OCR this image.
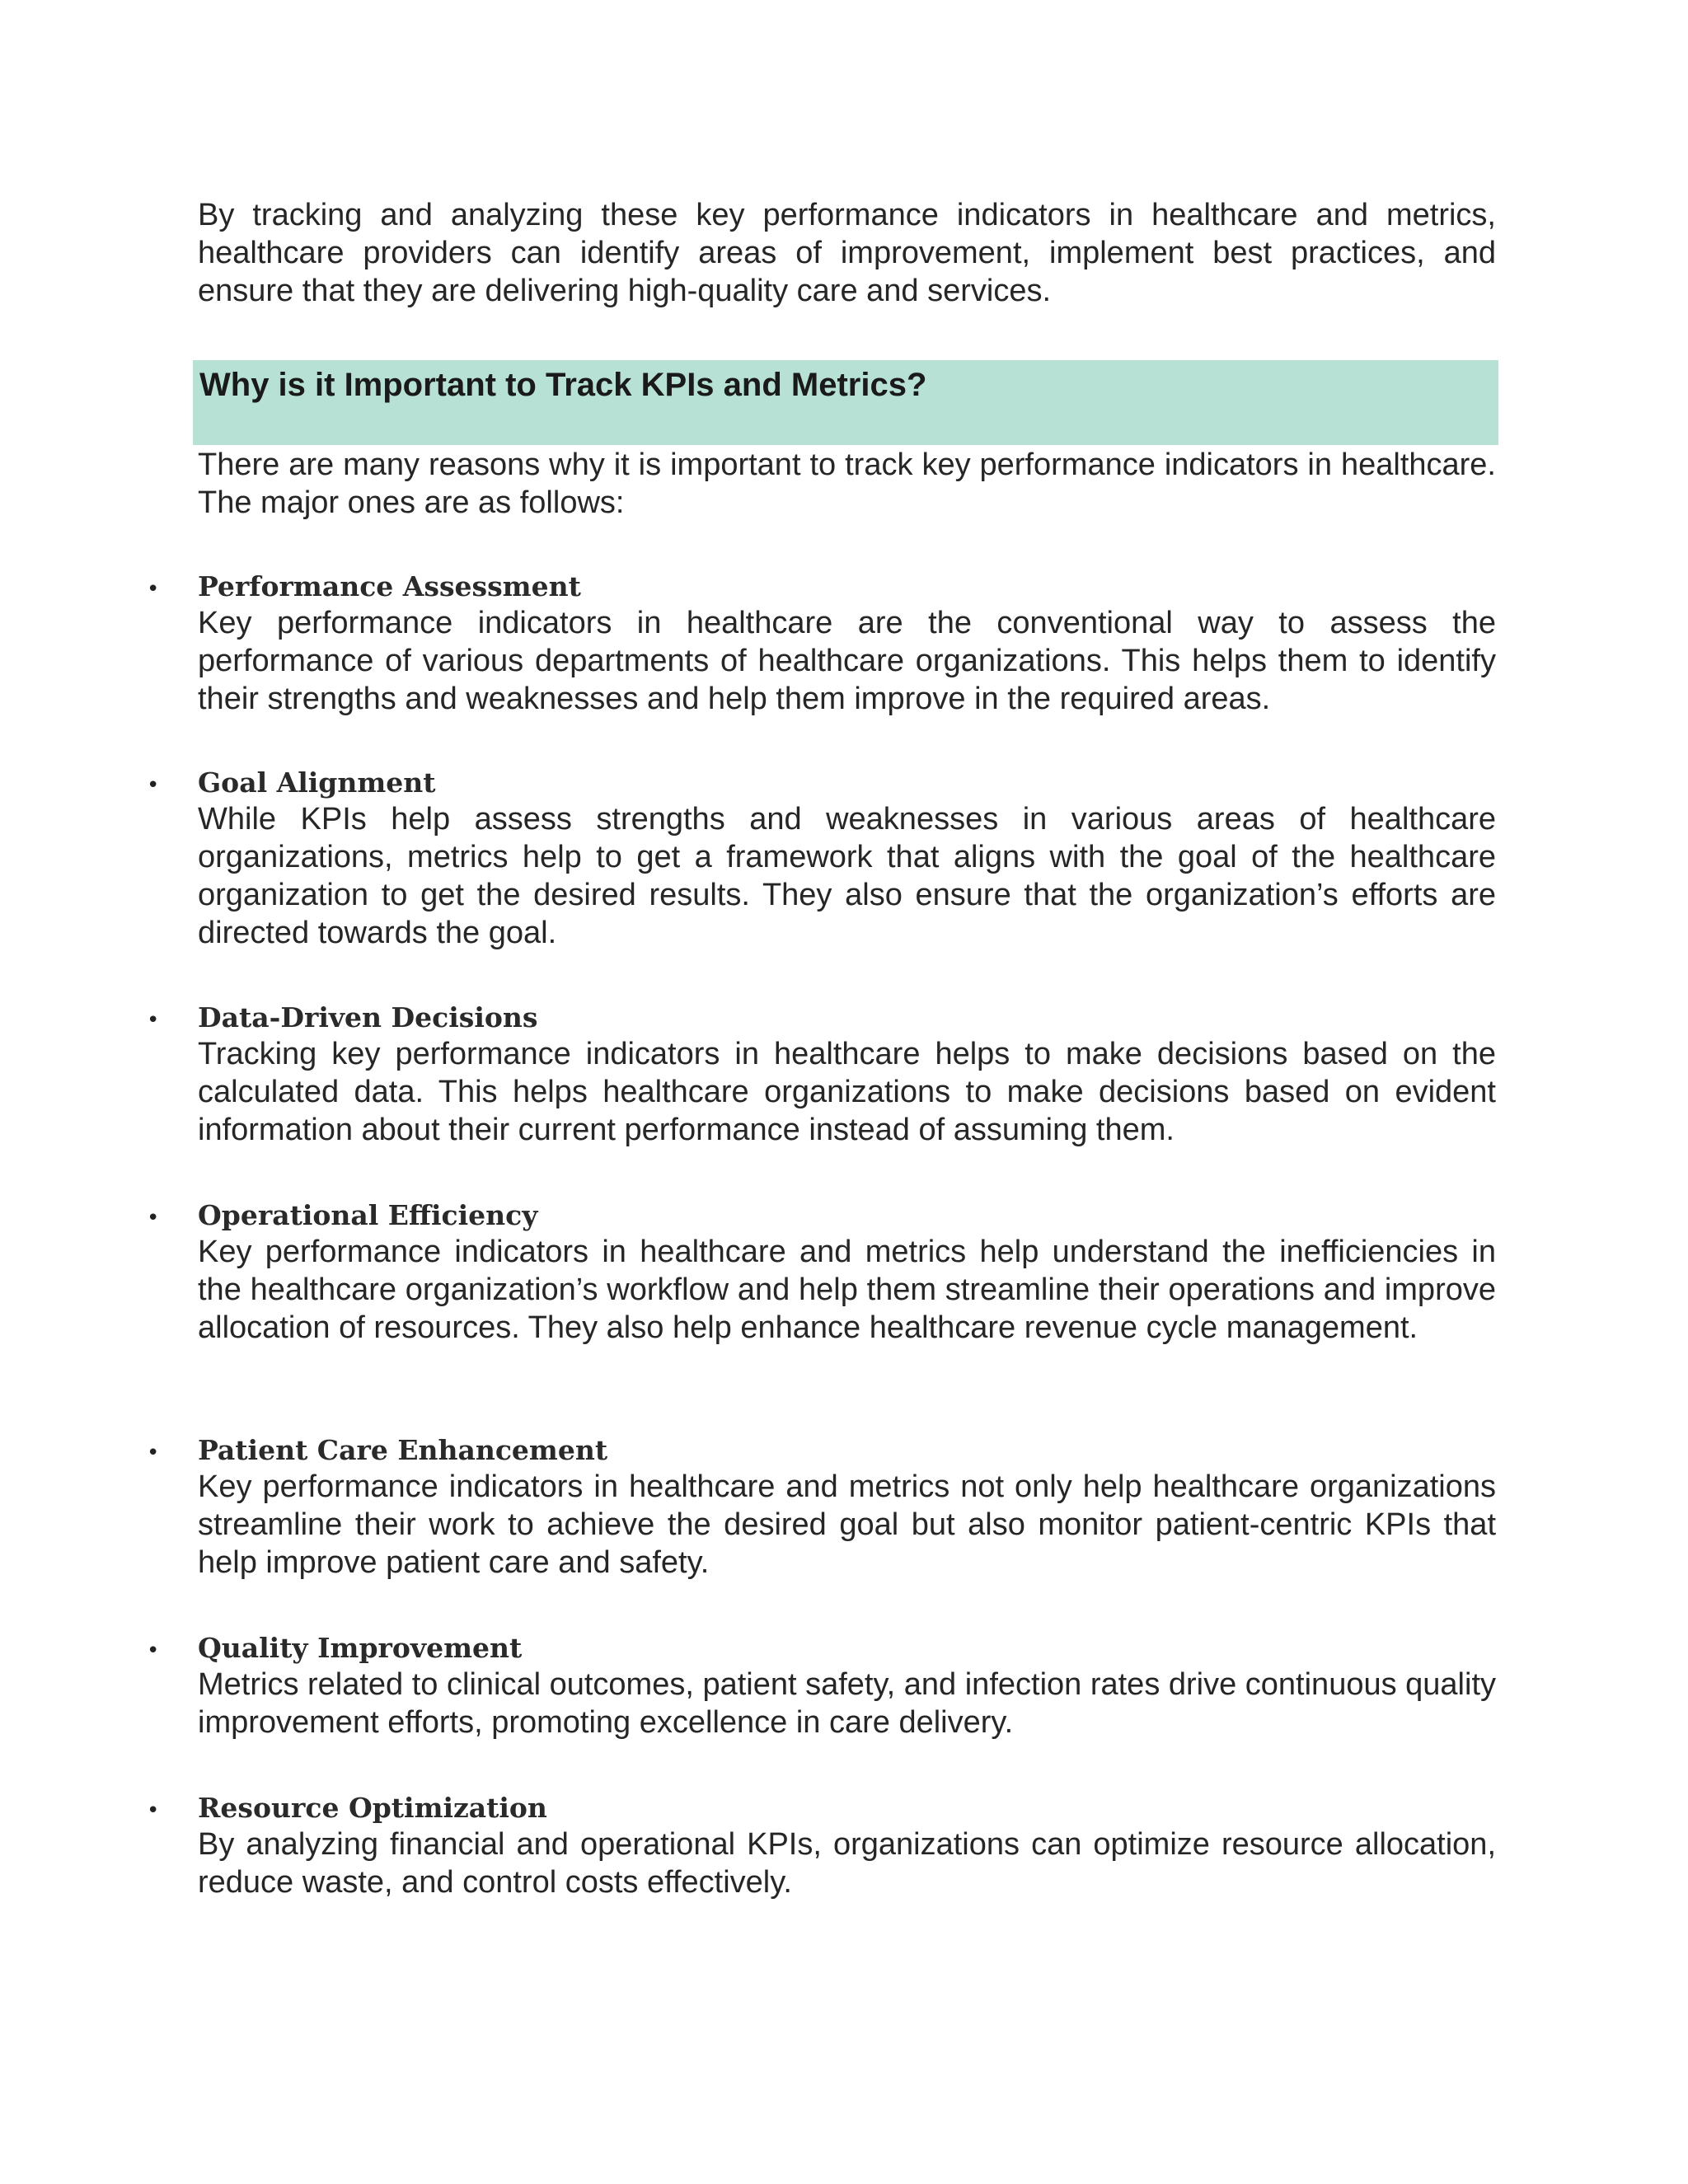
By tracking and analyzing these key performance indicators in healthcare and metrics, healthcare providers can identify areas of improvement, implement best practices, and ensure that they are delivering high-quality care and services.

Why is it Important to Track KPIs and Metrics?

There are many reasons why it is important to track key performance indicators in healthcare. The major ones are as follows:

• Performance Assessment

Key performance indicators in healthcare are the conventional way to assess the performance of various departments of healthcare organizations. This helps them to identify their strengths and weaknesses and help them improve in the required areas.

• Goal Alignment

While KPIs help assess strengths and weaknesses in various areas of healthcare organizations, metrics help to get a framework that aligns with the goal of the healthcare organization to get the desired results. They also ensure that the organization’s efforts are directed towards the goal.

• Data-Driven Decisions

Tracking key performance indicators in healthcare helps to make decisions based on the calculated data. This helps healthcare organizations to make decisions based on evident information about their current performance instead of assuming them.

• Operational Efficiency

Key performance indicators in healthcare and metrics help understand the inefficiencies in the healthcare organization’s workflow and help them streamline their operations and improve allocation of resources. They also help enhance healthcare revenue cycle management.

• Patient Care Enhancement

Key performance indicators in healthcare and metrics not only help healthcare organizations streamline their work to achieve the desired goal but also monitor patient-centric KPIs that help improve patient care and safety.

• Quality Improvement

Metrics related to clinical outcomes, patient safety, and infection rates drive continuous quality improvement efforts, promoting excellence in care delivery.

• Resource Optimization

By analyzing financial and operational KPIs, organizations can optimize resource allocation, reduce waste, and control costs effectively.
